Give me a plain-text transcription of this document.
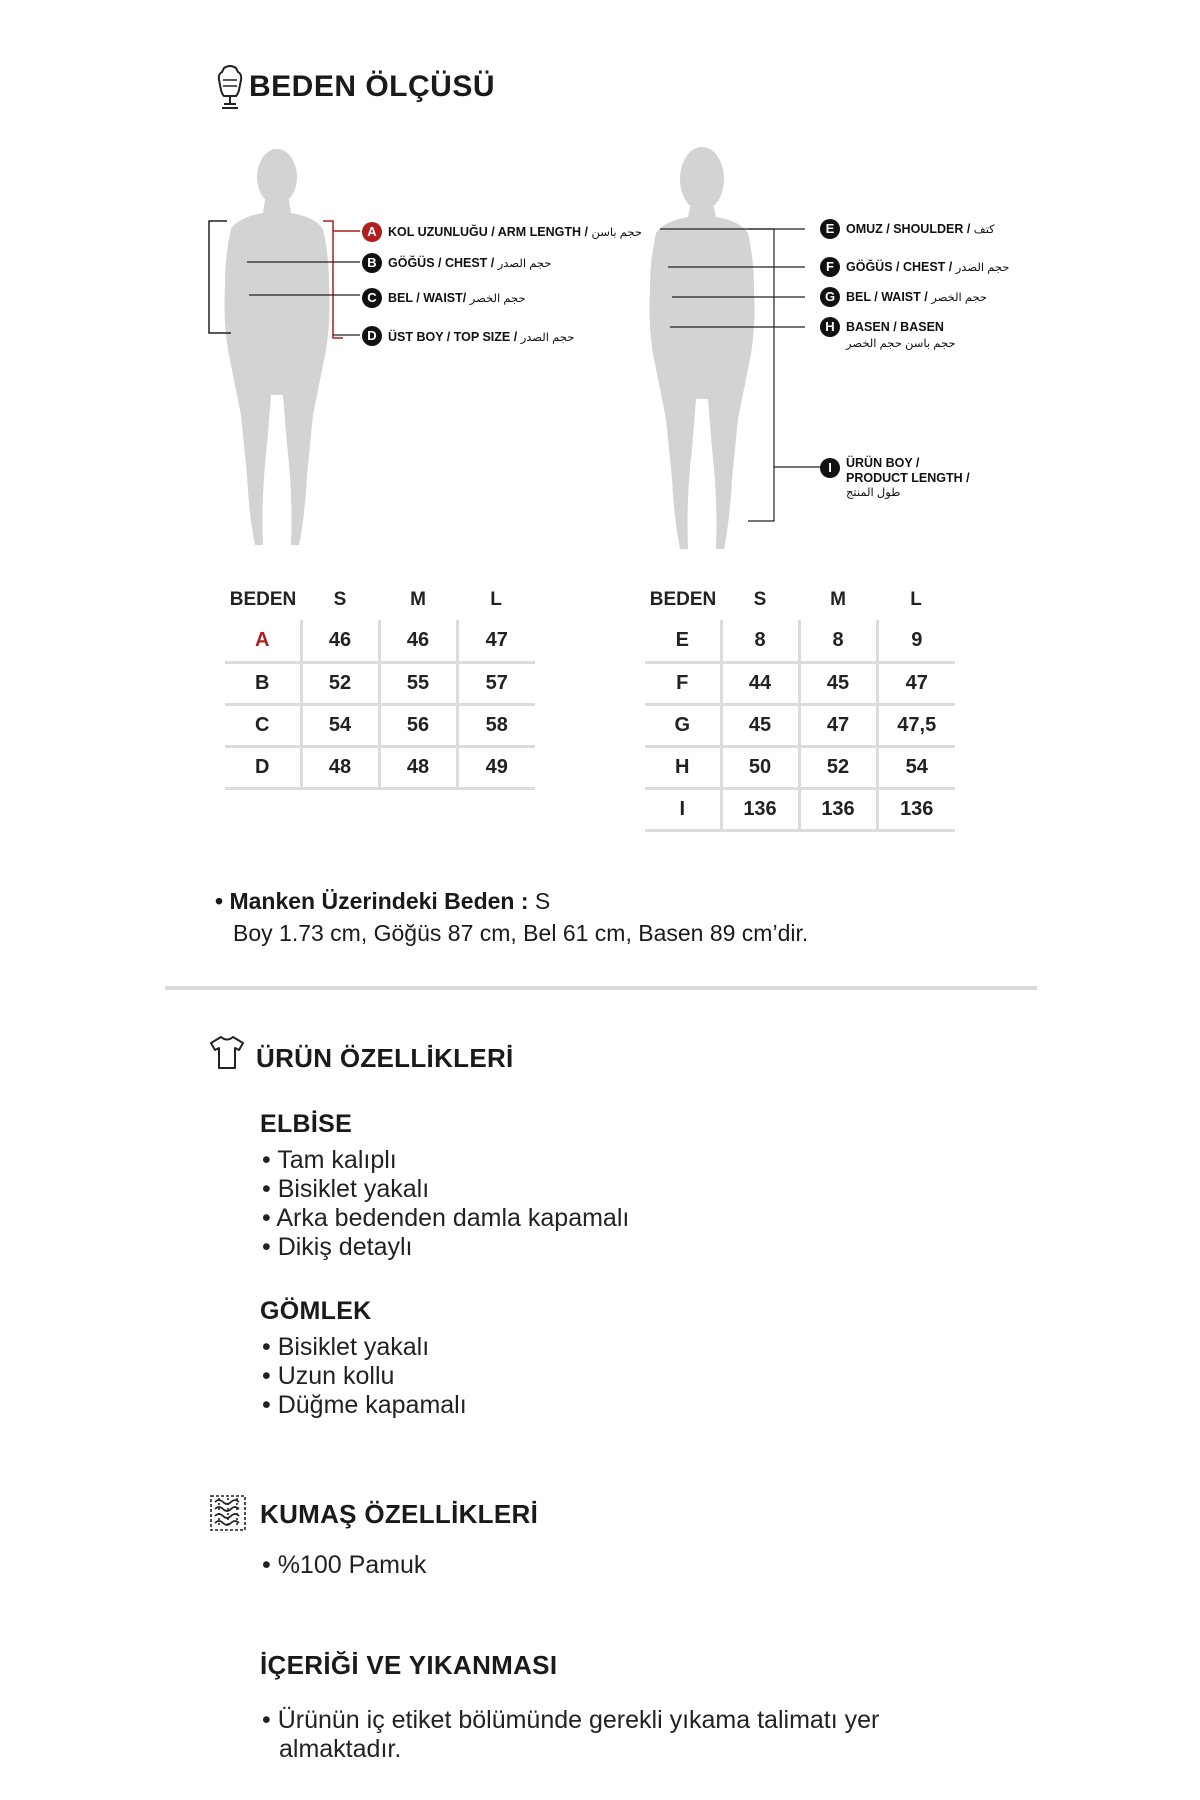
BEDEN ÖLÇÜSÜ
A KOL UZUNLUĞU / ARM LENGTH / حجم باسن
B GÖĞÜS / CHEST / حجم الصدر
C BEL / WAIST/ حجم الخصر
D ÜST BOY / TOP SIZE / حجم الصدر
E OMUZ / SHOULDER / كتف
F GÖĞÜS / CHEST / حجم الصدر
G BEL / WAIST / حجم الخصر
H BASEN / BASEN
حجم باسن حجم الخصر
I	ÜRÜN BOY /
PRODUCT LENGTH /
طول المنتج
BEDEN	S	M	L
A	46	46	47
B	52	55	57
C	54	56	58
D	48	48	49
BEDEN	S	M	L
E	8	8	9
F	44	45	47
G	45	47	47,5
H	50	52	54
I	136	136	136
• Manken Üzerindeki Beden : S
Boy 1.73 cm, Göğüs 87 cm, Bel 61 cm, Basen 89 cm’dir.
ÜRÜN ÖZELLİKLERİ
ELBİSE
• Tam kalıplı
• Bisiklet yakalı
• Arka bedenden damla kapamalı
• Dikiş detaylı
GÖMLEK
• Bisiklet yakalı
• Uzun kollu
• Düğme kapamalı
KUMAŞ ÖZELLİKLERİ
• %100 Pamuk
İÇERİĞİ VE YIKANMASI
• Ürünün iç etiket bölümünde gerekli yıkama talimatı yer
almaktadır.
